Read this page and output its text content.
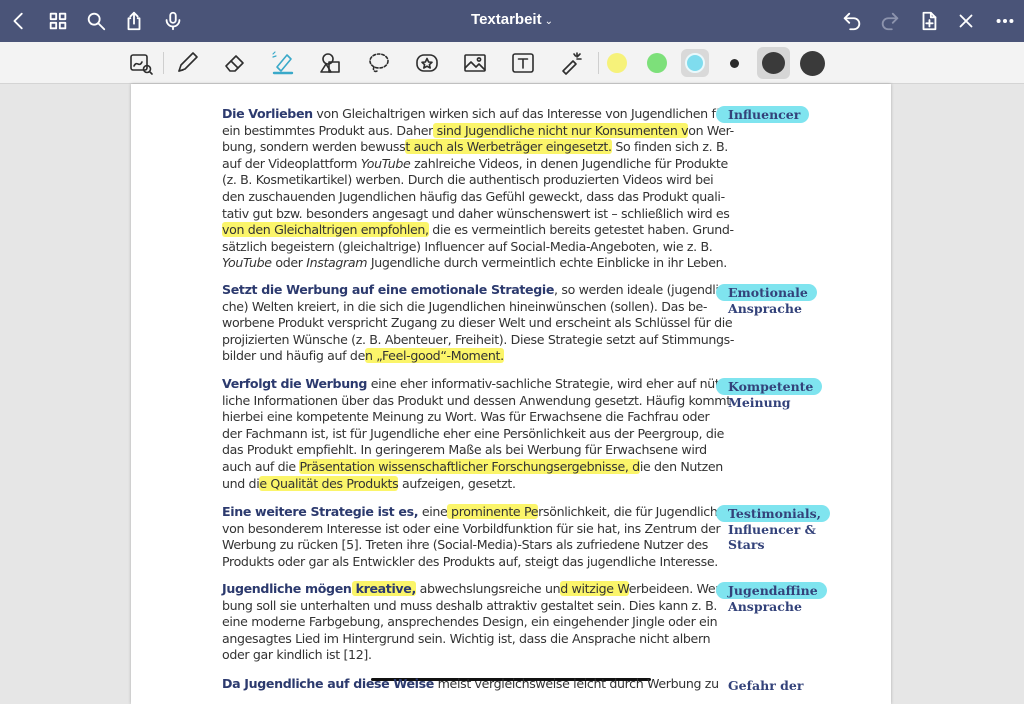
Textarbeit ⌄
Die Vorlieben von Gleichaltrigen wirken sich auf das Interesse von Jugendlichen für
ein bestimmtes Produkt aus. Daher sind Jugendliche nicht nur Konsumenten von Wer-
bung, sondern werden bewusst auch als Werbeträger eingesetzt. So finden sich z. B.
auf der Videoplattform YouTube zahlreiche Videos, in denen Jugendliche für Produkte
(z. B. Kosmetikartikel) werben. Durch die authentisch produzierten Videos wird bei
den zuschauenden Jugendlichen häufig das Gefühl geweckt, dass das Produkt quali-
tativ gut bzw. besonders angesagt und daher wünschenswert ist – schließlich wird es
von den Gleichaltrigen empfohlen, die es vermeintlich bereits getestet haben. Grund-
sätzlich begeistern (gleichaltrige) Influencer auf Social-Media-Angeboten, wie z. B.
YouTube oder Instagram Jugendliche durch vermeintlich echte Einblicke in ihr Leben.
Setzt die Werbung auf eine emotionale Strategie, so werden ideale (jugendli-
che) Welten kreiert, in die sich die Jugendlichen hineinwünschen (sollen). Das be-
worbene Produkt verspricht Zugang zu dieser Welt und erscheint als Schlüssel für die
projizierten Wünsche (z. B. Abenteuer, Freiheit). Diese Strategie setzt auf Stimmungs-
bilder und häufig auf den „Feel-good“-Moment.
Verfolgt die Werbung eine eher informativ-sachliche Strategie, wird eher auf nütz-
liche Informationen über das Produkt und dessen Anwendung gesetzt. Häufig kommt
hierbei eine kompetente Meinung zu Wort. Was für Erwachsene die Fachfrau oder
der Fachmann ist, ist für Jugendliche eher eine Persönlichkeit aus der Peergroup, die
das Produkt empfiehlt. In geringerem Maße als bei Werbung für Erwachsene wird
auch auf die Präsentation wissenschaftlicher Forschungsergebnisse, die den Nutzen
und die Qualität des Produkts aufzeigen, gesetzt.
Eine weitere Strategie ist es, eine prominente Persönlichkeit, die für Jugendliche
von besonderem Interesse ist oder eine Vorbildfunktion für sie hat, ins Zentrum der
Werbung zu rücken [5]. Treten ihre (Social-Media)-Stars als zufriedene Nutzer des
Produkts oder gar als Entwickler des Produkts auf, steigt das jugendliche Interesse.
Jugendliche mögen kreative, abwechslungsreiche und witzige Werbeideen. Wer-
bung soll sie unterhalten und muss deshalb attraktiv gestaltet sein. Dies kann z. B.
eine moderne Farbgebung, ansprechendes Design, ein eingehender Jingle oder ein
angesagtes Lied im Hintergrund sein. Wichtig ist, dass die Ansprache nicht albern
oder gar kindlich ist [12].
Da Jugendliche auf diese Weise meist vergleichsweise leicht durch Werbung zu
Influencer
Emotionale
Ansprache
Kompetente
Meinung
Testimonials,
Influencer &
Stars
Jugendaffine
Ansprache
Gefahr der
